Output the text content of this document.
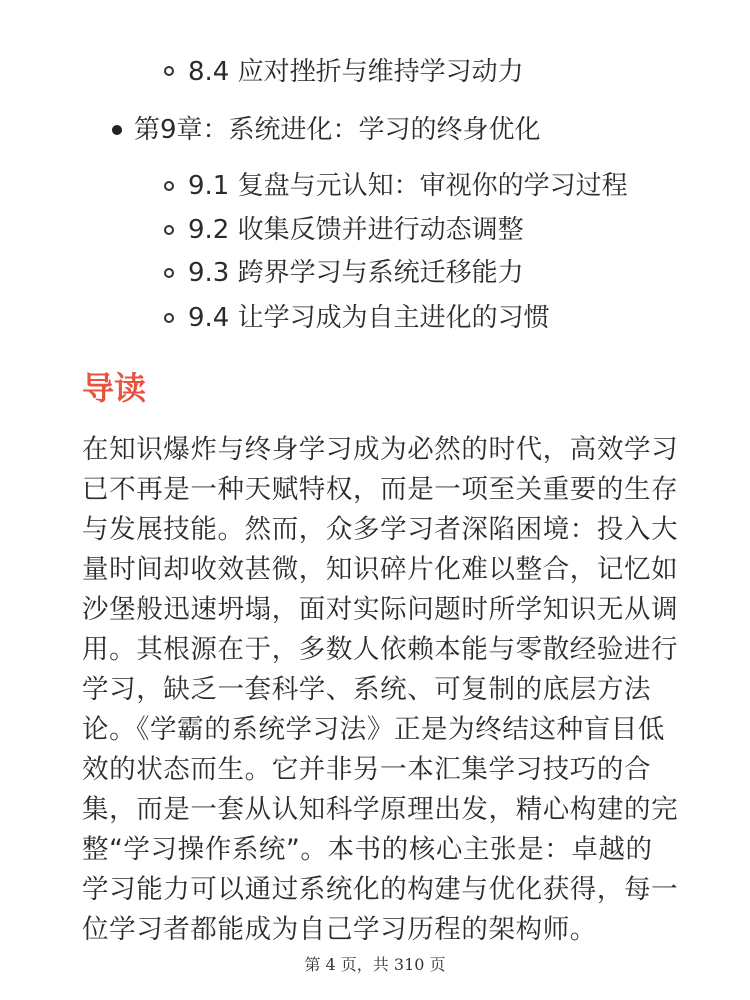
8.4 应对挫折与维持学习动力
第9章：系统进化：学习的终身优化
9.1 复盘与元认知：审视你的学习过程
9.2 收集反馈并进行动态调整
9.3 跨界学习与系统迁移能力
9.4 让学习成为自主进化的习惯
导读
在知识爆炸与终身学习成为必然的时代，高效学习
已不再是一种天赋特权，而是一项至关重要的生存
与发展技能。然而，众多学习者深陷困境：投入大
量时间却收效甚微，知识碎片化难以整合，记忆如
沙堡般迅速坍塌，面对实际问题时所学知识无从调
用。其根源在于，多数人依赖本能与零散经验进行
学习，缺乏一套科学、系统、可复制的底层方法
论。《学霸的系统学习法》正是为终结这种盲目低
效的状态而生。它并非另一本汇集学习技巧的合
集，而是一套从认知科学原理出发，精心构建的完
整“学习操作系统”。本书的核心主张是：卓越的
学习能力可以通过系统化的构建与优化获得，每一
位学习者都能成为自己学习历程的架构师。
第 4 页，共 310 页
